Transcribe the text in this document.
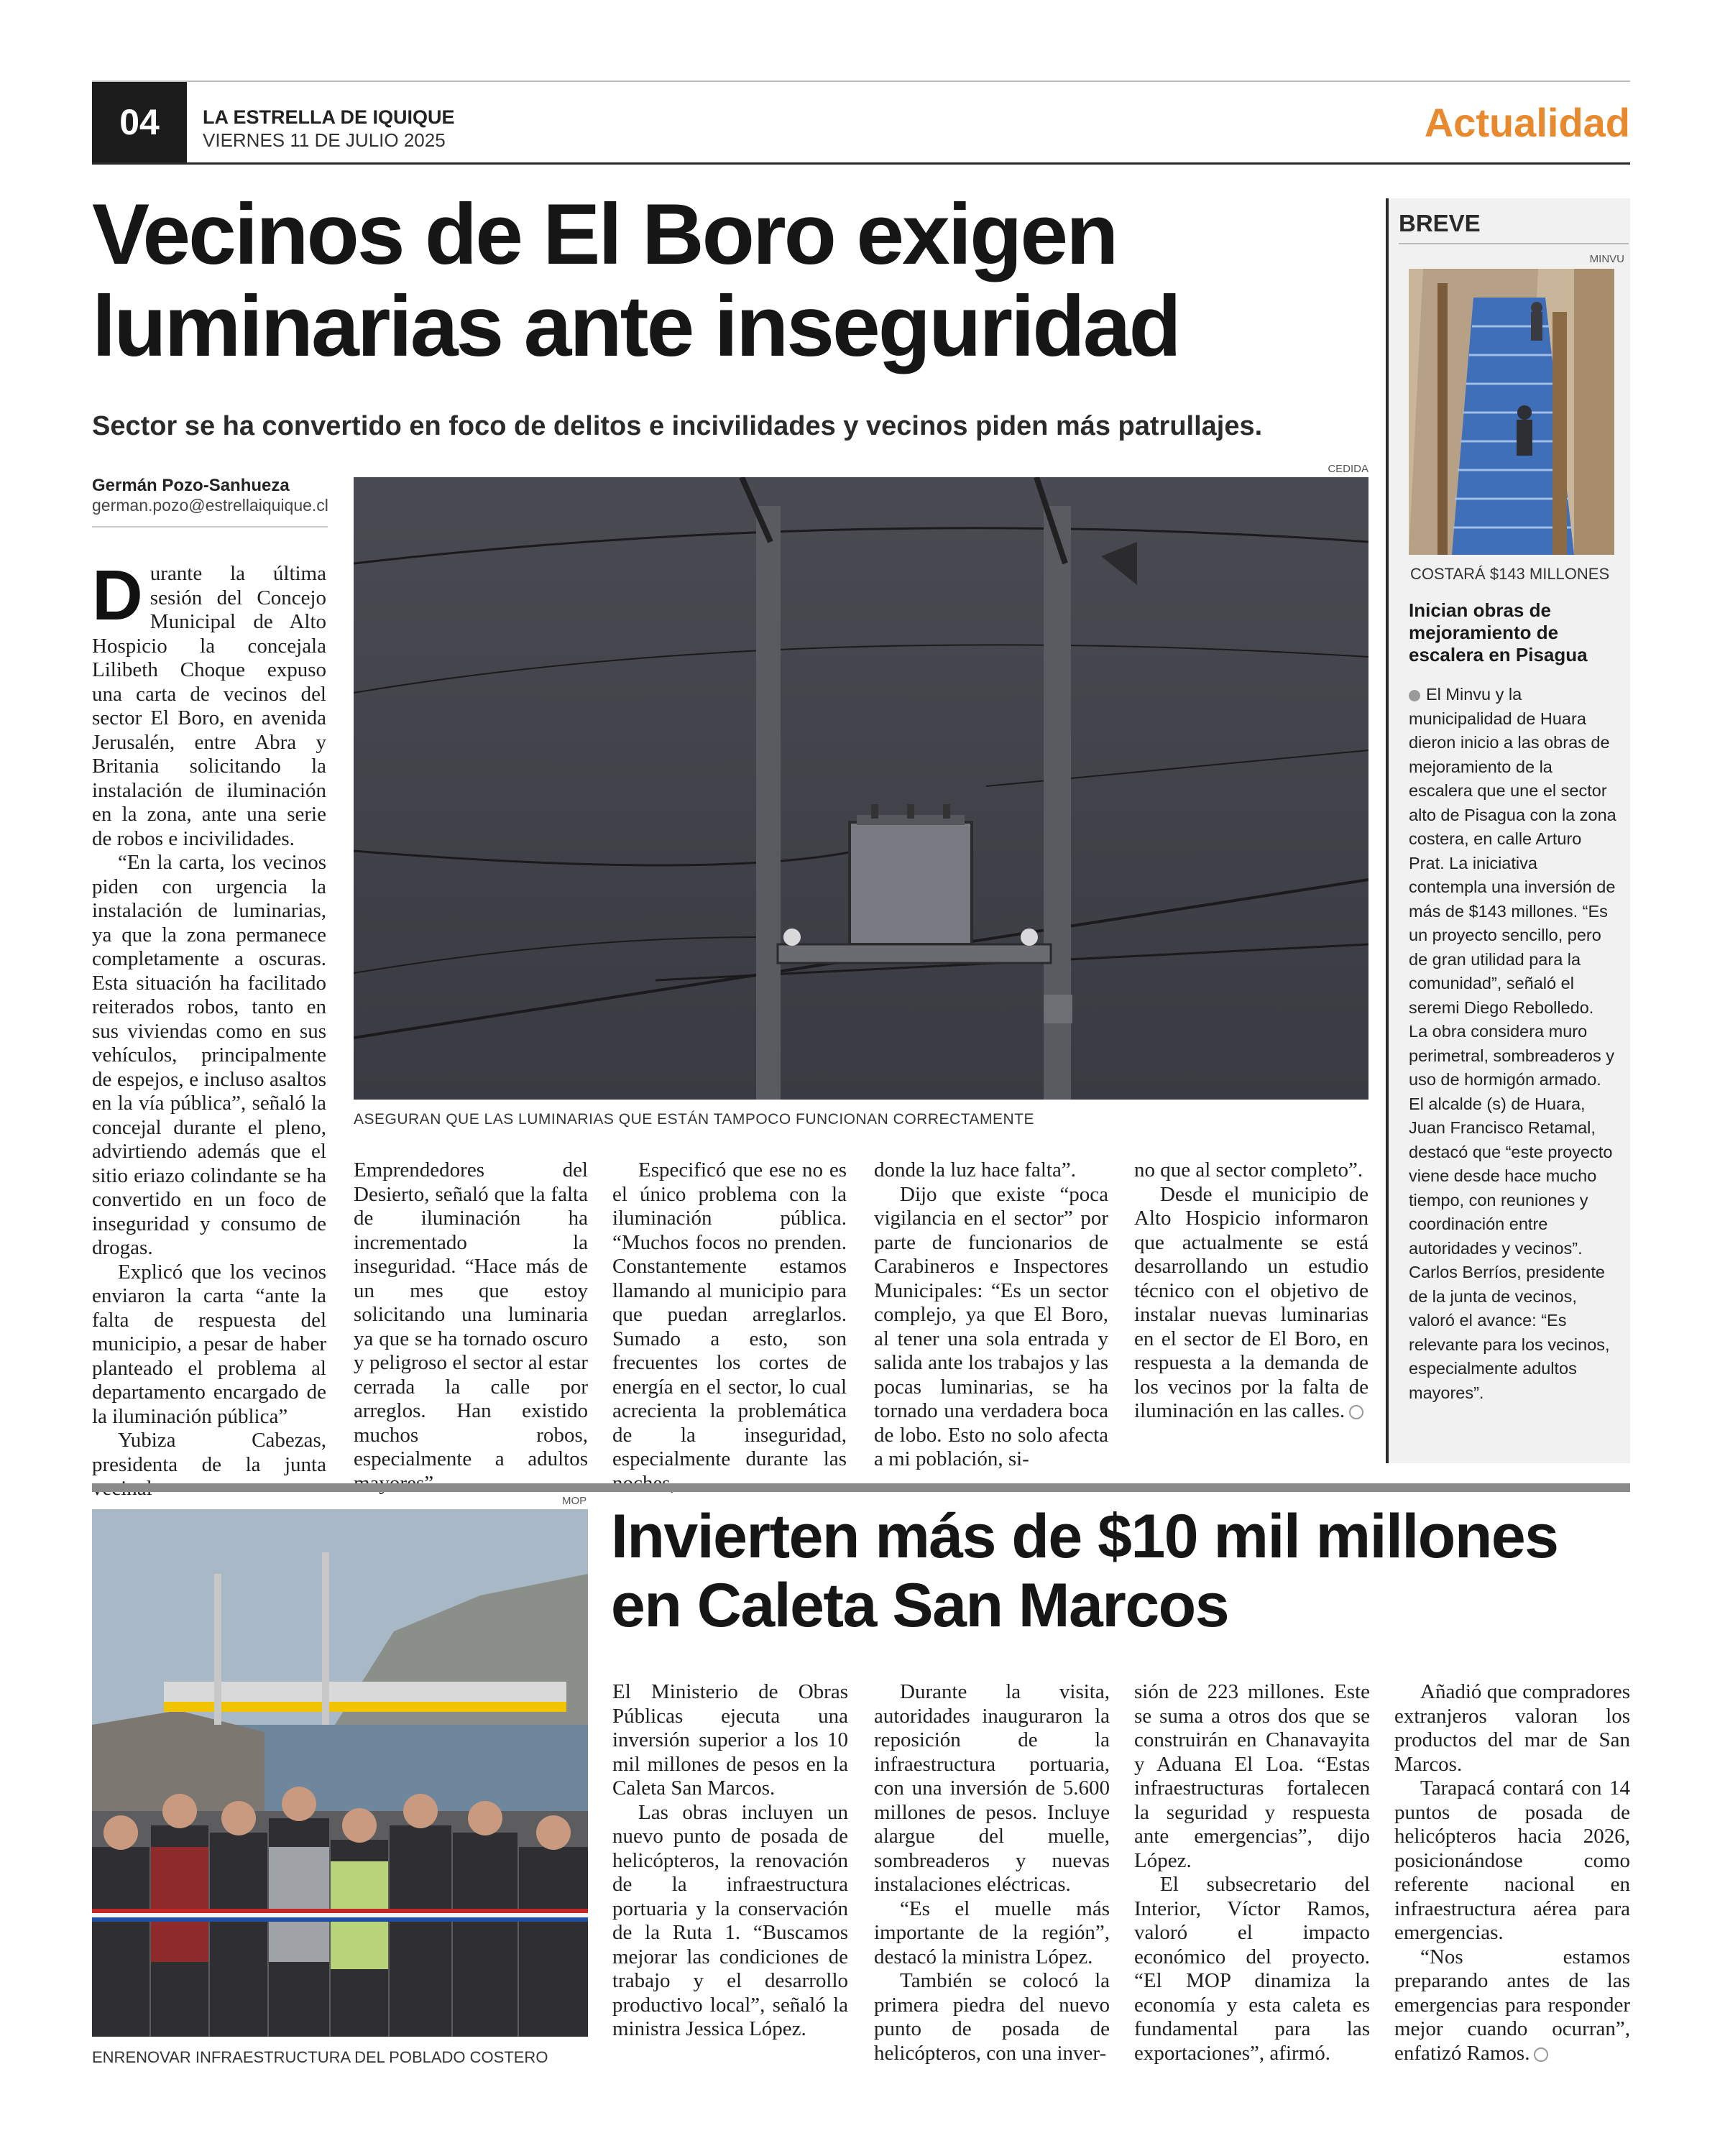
04	LA ESTRELLA DE IQUIQUE
VIERNES 11 DE JULIO 2025	Actualidad
Vecinos de El Boro exigen luminarias ante inseguridad
Sector se ha convertido en foco de delitos e incivilidades y vecinos piden más patrullajes.
Germán Pozo-Sanhueza
german.pozo@estrellaiquique.cl
CEDIDA
ASEGURAN QUE LAS LUMINARIAS QUE ESTÁN TAMPOCO FUNCIONAN CORRECTAMENTE

Durante la última sesión del Concejo Municipal de Alto Hospicio la concejala Lilibeth Choque expuso una carta de vecinos del sector El Boro, en avenida Jerusalén, entre Abra y Britania solicitando la instalación de iluminación en la zona, ante una serie de robos e incivilidades.

“En la carta, los vecinos piden con urgencia la instalación de luminarias, ya que la zona permanece completamente a oscuras. Esta situación ha facilitado reiterados robos, tanto en sus viviendas como en sus vehículos, principalmente de espejos, e incluso asaltos en la vía pública”, señaló la concejal durante el pleno, advirtiendo además que el sitio eriazo colindante se ha convertido en un foco de inseguridad y consumo de drogas.

Explicó que los vecinos enviaron la carta “ante la falta de respuesta del municipio, a pesar de haber planteado el problema al departamento encargado de la iluminación pública”

Yubiza Cabezas, presidenta de la junta

Emprendedores del Desierto, señaló que la falta de iluminación ha incrementado la inseguridad. “Hace más de un mes que estoy solicitando una luminaria ya que se ha tornado oscuro y peligroso el sector al estar cerrada la calle por arreglos. Han existido muchos robos, especialmente a adultos

Especificó que ese no es el único problema con la iluminación pública. “Muchos focos no prenden. Constantemente estamos llamando al municipio para que puedan arreglarlos. Sumado a esto, son frecuentes los cortes de energía en el sector, lo cual acrecienta la problemática de la inseguridad, especialmente durante las

donde la luz hace falta”.

Dijo que existe “poca vigilancia en el sector” por parte de funcionarios de Carabineros e Inspectores Municipales: “Es un sector complejo, ya que El Boro, al tener una sola entrada y salida ante los trabajos y las pocas luminarias, se ha tornado una verdadera boca de lobo. Esto no solo afecta a mi población, si-

no que al sector completo”.

Desde el municipio de Alto Hospicio informaron que actualmente se está desarrollando un estudio técnico con el objetivo de instalar nuevas luminarias en el sector de El Boro, en respuesta a la demanda de los vecinos por la falta de iluminación en las calles.

BREVE
MINVU
COSTARÁ $143 MILLONES
Inician obras de mejoramiento de escalera en Pisagua

El Minvu y la municipalidad de Huara dieron inicio a las obras de mejoramiento de la escalera que une el sector alto de Pisagua con la zona costera, en calle Arturo Prat. La iniciativa contempla una inversión de más de $143 millones. “Es un proyecto sencillo, pero de gran utilidad para la comunidad”, señaló el seremi Diego Rebolledo.

La obra considera muro perimetral, sombreaderos y uso de hormigón armado. El alcalde (s) de Huara, Juan Francisco Retamal, destacó que “este proyecto viene desde hace mucho tiempo, con reuniones y coordinación entre autoridades y vecinos”.

Carlos Berríos, presidente de la junta de vecinos, valoró el avance: “Es relevante para los vecinos, especialmente adultos mayores”.

MOP
ENRENOVAR INFRAESTRUCTURA DEL POBLADO COSTERO
Invierten más de $10 mil millones en Caleta San Marcos

El Ministerio de Obras Públicas ejecuta una inversión superior a los 10 mil millones de pesos en la Caleta San Marcos.

Las obras incluyen un nuevo punto de posada de helicópteros, la renovación de la infraestructura portuaria y la conservación de la Ruta 1. “Buscamos mejorar las condiciones de trabajo y el desarrollo productivo local”, señaló la ministra Jessica López.

Durante la visita, autoridades inauguraron la reposición de la infraestructura portuaria, con una inversión de 5.600 millones de pesos. Incluye alargue del muelle, sombreaderos y nuevas instalaciones eléctricas.

“Es el muelle más importante de la región”, destacó la ministra López.

También se colocó la primera piedra del nuevo punto de posada de helicópteros, con una inver-

sión de 223 millones. Este se suma a otros dos que se construirán en Chanavayita y Aduana El Loa. “Estas infraestructuras fortalecen la seguridad y respuesta ante emergencias”, dijo López.

El subsecretario del Interior, Víctor Ramos, valoró el impacto económico del proyecto. “El MOP dinamiza la economía y esta caleta es fundamental para las exportaciones”, afirmó.

Añadió que compradores extranjeros valoran los productos del mar de San Marcos.

Tarapacá contará con 14 puntos de posada de helicópteros hacia 2026, posicionándose como referente nacional en infraestructura aérea para emergencias.

“Nos estamos preparando antes de las emergencias para responder mejor cuando ocurran”, enfatizó Ramos.
